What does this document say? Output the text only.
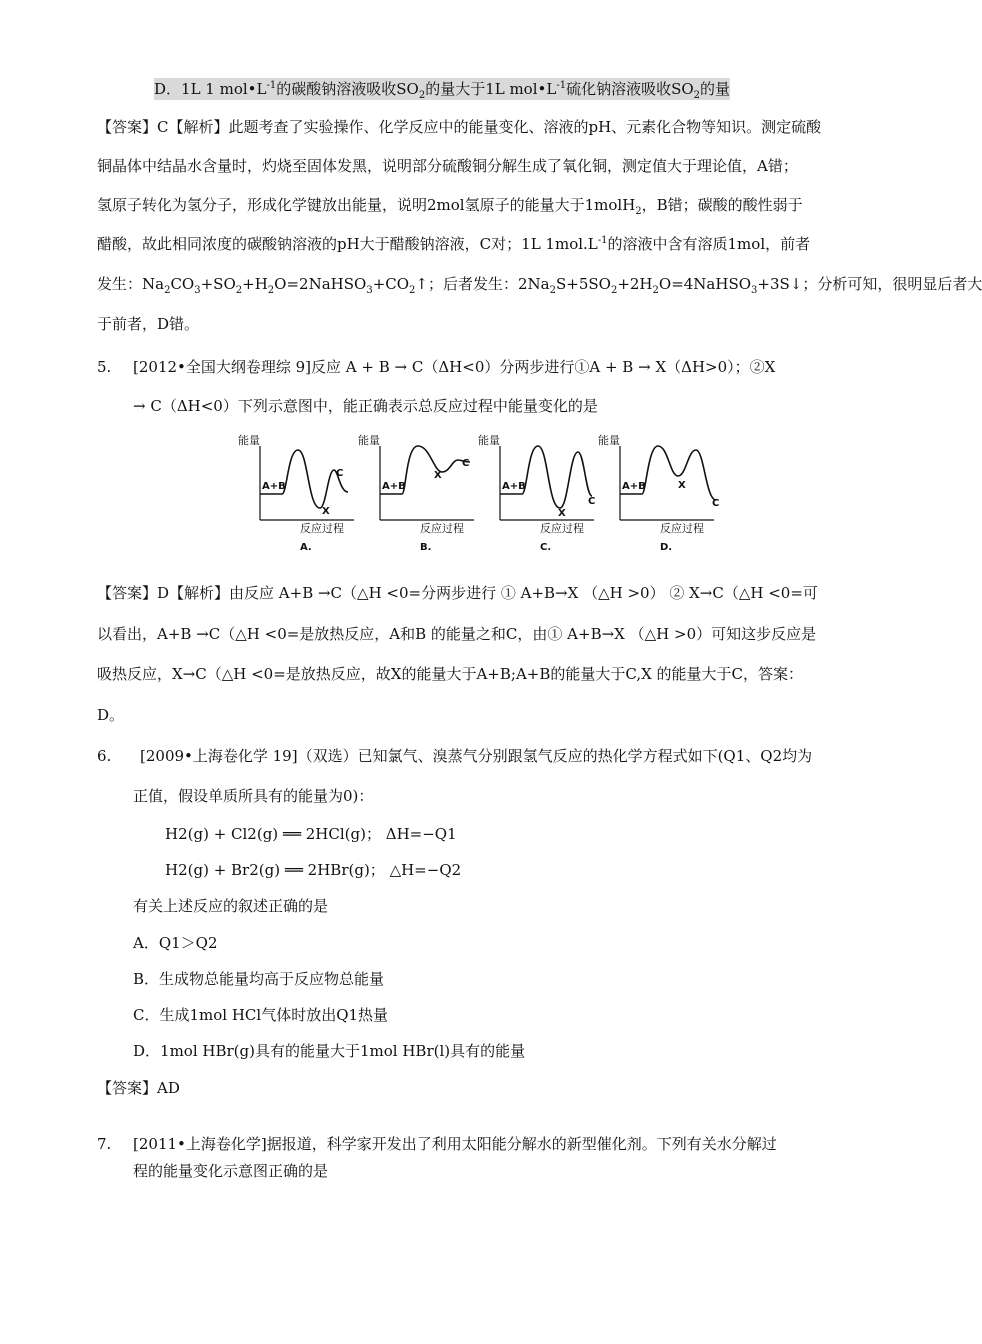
D．1L 1 $mol•L^{-1}$的碳酸钠溶液吸收$SO_2$的量大于1L $mol•L^{-1}$硫化钠溶液吸收$SO_2$的量
【答案】C【解析】此题考查了实验操作、化学反应中的能量变化、溶液的pH、元素化合物等知识。测定硫酸
铜晶体中结晶水含量时，灼烧至固体发黑，说明部分硫酸铜分解生成了氧化铜，测定值大于理论值，A错；
氢原子转化为氢分子，形成化学键放出能量，说明2mol氢原子的能量大于1molH$_2$，B错；碳酸的酸性弱于
醋酸，故此相同浓度的碳酸钠溶液的pH大于醋酸钠溶液，C对；1L $1mol.L^{-1}$的溶液中含有溶质1mol，前者
发生：$Na_2CO_3+SO_2+H_2O=2NaHSO_3+CO_2↑$；后者发生：$2Na_2S+5SO_2+2H_2O=4NaHSO_3+3S↓$；分析可知，很明显后者大
于前者，D错。
5. [2012•全国大纲卷理综 9]反应 A + B → C（ΔH<0）分两步进行①A + B → X（ΔH>0）；②X
→ C（ΔH<0）下列示意图中，能正确表示总反应过程中能量变化的是
能量
反应过程
A+B
X
C
A.
能量
反应过程
A+B
X
C
B.
能量
反应过程
A+B
X
C
C.
能量
反应过程
A+B	X
C
D.
【答案】D【解析】由反应 A+B →C（△H <0=分两步进行 ① A+B→X （△H >0） ② X→C（△H <0=可
以看出，A+B →C（△H <0=是放热反应，A和B 的能量之和C，由① A+B→X （△H >0）可知这步反应是
吸热反应，X→C（△H <0=是放热反应，故X的能量大于A+B;A+B的能量大于C,X 的能量大于C，答案：
D。
6. [2009•上海卷化学 19]（双选）已知氯气、溴蒸气分别跟氢气反应的热化学方程式如下(Q1、Q2均为
正值，假设单质所具有的能量为0)：
H2(g) + Cl2(g) ══ 2HCl(g)； ΔH=−Q1
H2(g) + Br2(g) ══ 2HBr(g)； △H=−Q2
有关上述反应的叙述正确的是
A．Q1＞Q2
B．生成物总能量均高于反应物总能量
C．生成1mol HCl气体时放出Q1热量
D．1mol HBr(g)具有的能量大于1mol HBr(l)具有的能量
【答案】AD
7. [2011•上海卷化学]据报道，科学家开发出了利用太阳能分解水的新型催化剂。下列有关水分解过
程的能量变化示意图正确的是
